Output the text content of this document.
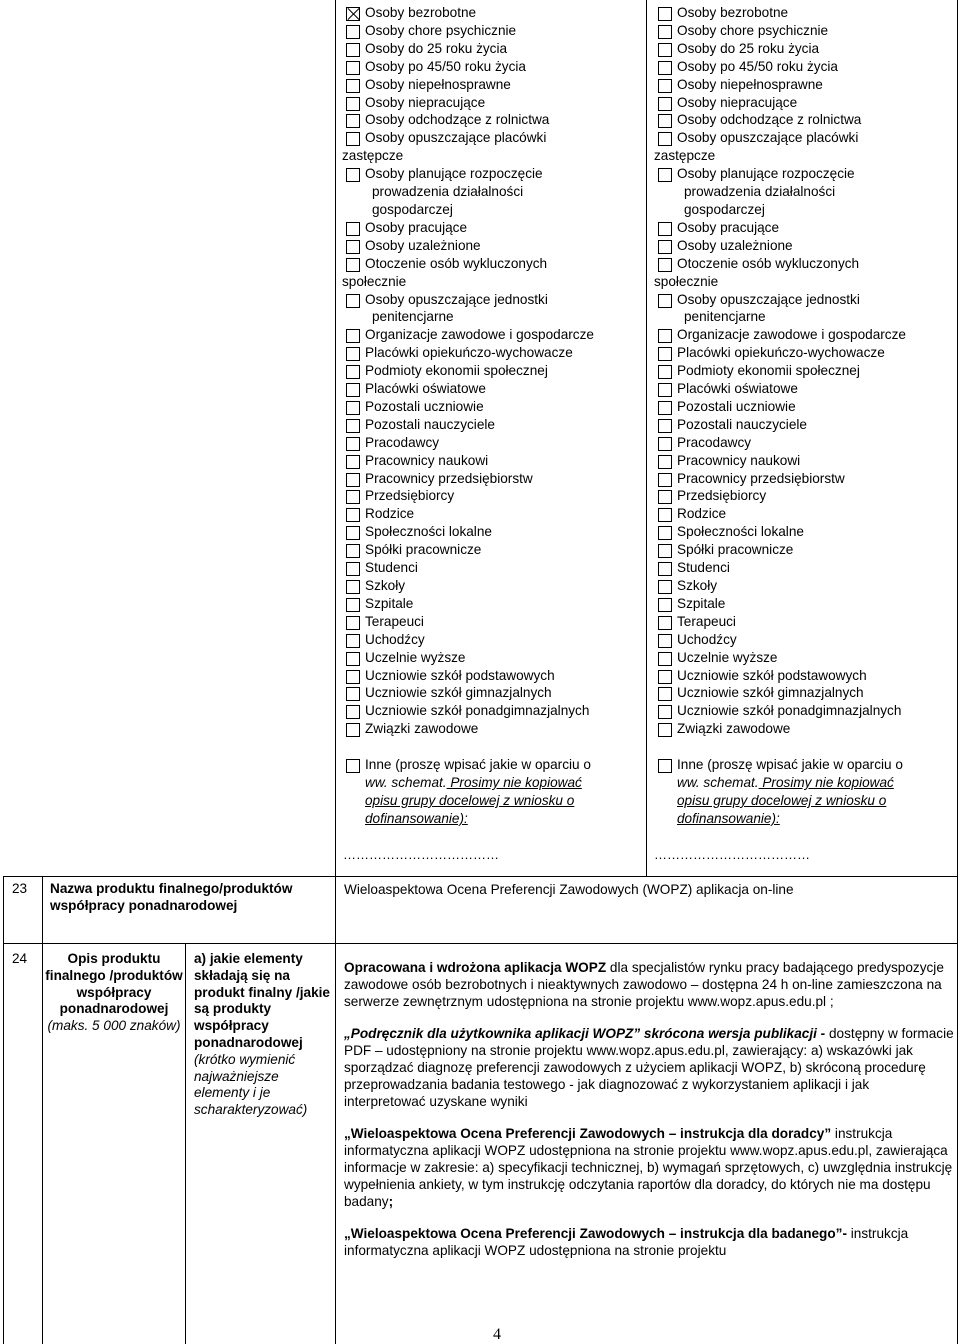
Osoby bezrobotne
Osoby chore psychicznie
Osoby do 25 roku życia
Osoby po 45/50 roku życia
Osoby niepełnosprawne
Osoby niepracujące
Osoby odchodzące z rolnictwa
Osoby opuszczające placówki
zastępcze
Osoby planujące rozpoczęcie
prowadzenia działalności
gospodarczej
Osoby pracujące
Osoby uzależnione
Otoczenie osób wykluczonych
społecznie
Osoby opuszczające jednostki
penitencjarne
Organizacje zawodowe i gospodarcze
Placówki opiekuńczo-wychowacze
Podmioty ekonomii społecznej
Placówki oświatowe
Pozostali uczniowie
Pozostali nauczyciele
Pracodawcy
Pracownicy naukowi
Pracownicy przedsiębiorstw
Przedsiębiorcy
Rodzice
Społeczności lokalne
Spółki pracownicze
Studenci
Szkoły
Szpitale
Terapeuci
Uchodźcy
Uczelnie wyższe
Uczniowie szkół podstawowych
Uczniowie szkół gimnazjalnych
Uczniowie szkół ponadgimnazjalnych
Związki zawodowe
Inne (proszę wpisać jakie w oparciu o
ww. schemat. Prosimy nie kopiować
opisu grupy docelowej z wniosku o
dofinansowanie):
Osoby bezrobotne
Osoby chore psychicznie
Osoby do 25 roku życia
Osoby po 45/50 roku życia
Osoby niepełnosprawne
Osoby niepracujące
Osoby odchodzące z rolnictwa
Osoby opuszczające placówki
zastępcze
Osoby planujące rozpoczęcie
prowadzenia działalności
gospodarczej
Osoby pracujące
Osoby uzależnione
Otoczenie osób wykluczonych
społecznie
Osoby opuszczające jednostki
penitencjarne
Organizacje zawodowe i gospodarcze
Placówki opiekuńczo-wychowacze
Podmioty ekonomii społecznej
Placówki oświatowe
Pozostali uczniowie
Pozostali nauczyciele
Pracodawcy
Pracownicy naukowi
Pracownicy przedsiębiorstw
Przedsiębiorcy
Rodzice
Społeczności lokalne
Spółki pracownicze
Studenci
Szkoły
Szpitale
Terapeuci
Uchodźcy
Uczelnie wyższe
Uczniowie szkół podstawowych
Uczniowie szkół gimnazjalnych
Uczniowie szkół ponadgimnazjalnych
Związki zawodowe
Inne (proszę wpisać jakie w oparciu o
ww. schemat. Prosimy nie kopiować
opisu grupy docelowej z wniosku o
dofinansowanie):
………………………………	………………………………
23 Nazwa produktu finalnego/produktów współpracy ponadnarodowej
Wieloaspektowa Ocena Preferencji Zawodowych (WOPZ) aplikacja on-line
24	Opis produktu finalnego /produktów współpracy ponadnarodowej (maks. 5 000 znaków)
a) jakie elementy składają się na produkt finalny /jakie są produkty współpracy ponadnarodowej (krótko wymienić najważniejsze elementy i je scharakteryzować)

Opracowana i wdrożona aplikacja WOPZ dla specjalistów rynku pracy badającego predyspozycje zawodowe osób bezrobotnych i nieaktywnych zawodowo – dostępna 24 h on-line zamieszczona na serwerze zewnętrznym udostępniona na stronie projektu www.wopz.apus.edu.pl ;

„Podręcznik dla użytkownika aplikacji WOPZ” skrócona wersja publikacji - dostępny w formacie PDF – udostępniony na stronie projektu www.wopz.apus.edu.pl, zawierający: a) wskazówki jak sporządzać diagnozę preferencji zawodowych z użyciem aplikacji WOPZ, b) skróconą procedurę przeprowadzania badania testowego - jak diagnozować z wykorzystaniem aplikacji i jak interpretować uzyskane wyniki

„Wieloaspektowa Ocena Preferencji Zawodowych – instrukcja dla doradcy” instrukcja informatyczna aplikacji WOPZ udostępniona na stronie projektu www.wopz.apus.edu.pl, zawierająca informacje w zakresie: a) specyfikacji technicznej, b) wymagań sprzętowych, c) uwzględnia instrukcję wypełnienia ankiety, w tym instrukcję odczytania raportów dla doradcy, do których nie ma dostępu badany;

„Wieloaspektowa Ocena Preferencji Zawodowych – instrukcja dla badanego”- instrukcja informatyczna aplikacji WOPZ udostępniona na stronie projektu

4
